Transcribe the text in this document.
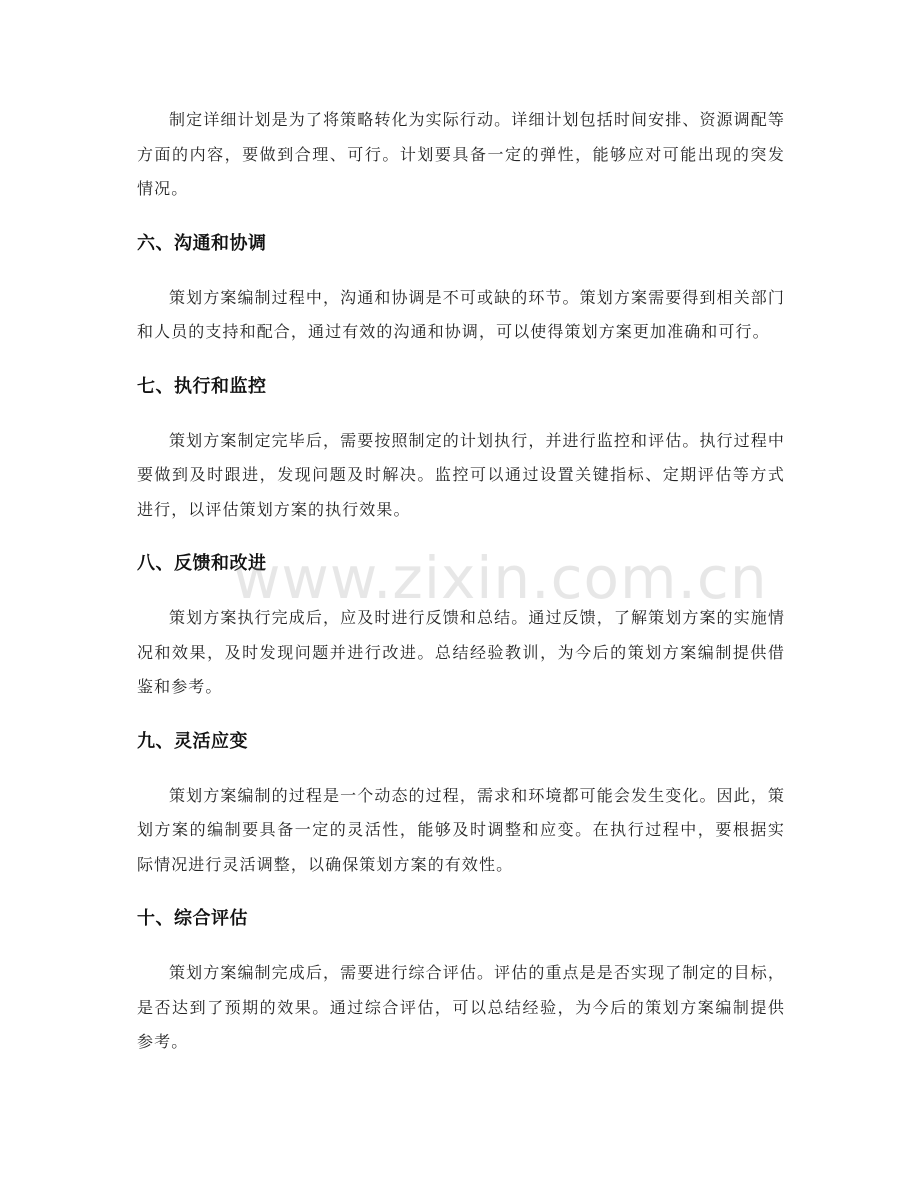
制定详细计划是为了将策略转化为实际行动。详细计划包括时间安排、资源调配等方面的内容，要做到合理、可行。计划要具备一定的弹性，能够应对可能出现的突发情况。

六、沟通和协调

策划方案编制过程中，沟通和协调是不可或缺的环节。策划方案需要得到相关部门和人员的支持和配合，通过有效的沟通和协调，可以使得策划方案更加准确和可行。

七、执行和监控

策划方案制定完毕后，需要按照制定的计划执行，并进行监控和评估。执行过程中要做到及时跟进，发现问题及时解决。监控可以通过设置关键指标、定期评估等方式进行，以评估策划方案的执行效果。

八、反馈和改进

策划方案执行完成后，应及时进行反馈和总结。通过反馈，了解策划方案的实施情况和效果，及时发现问题并进行改进。总结经验教训，为今后的策划方案编制提供借鉴和参考。

九、灵活应变

策划方案编制的过程是一个动态的过程，需求和环境都可能会发生变化。因此，策划方案的编制要具备一定的灵活性，能够及时调整和应变。在执行过程中，要根据实际情况进行灵活调整，以确保策划方案的有效性。

十、综合评估

策划方案编制完成后，需要进行综合评估。评估的重点是是否实现了制定的目标，是否达到了预期的效果。通过综合评估，可以总结经验，为今后的策划方案编制提供参考。

www.zixin.com.cn
